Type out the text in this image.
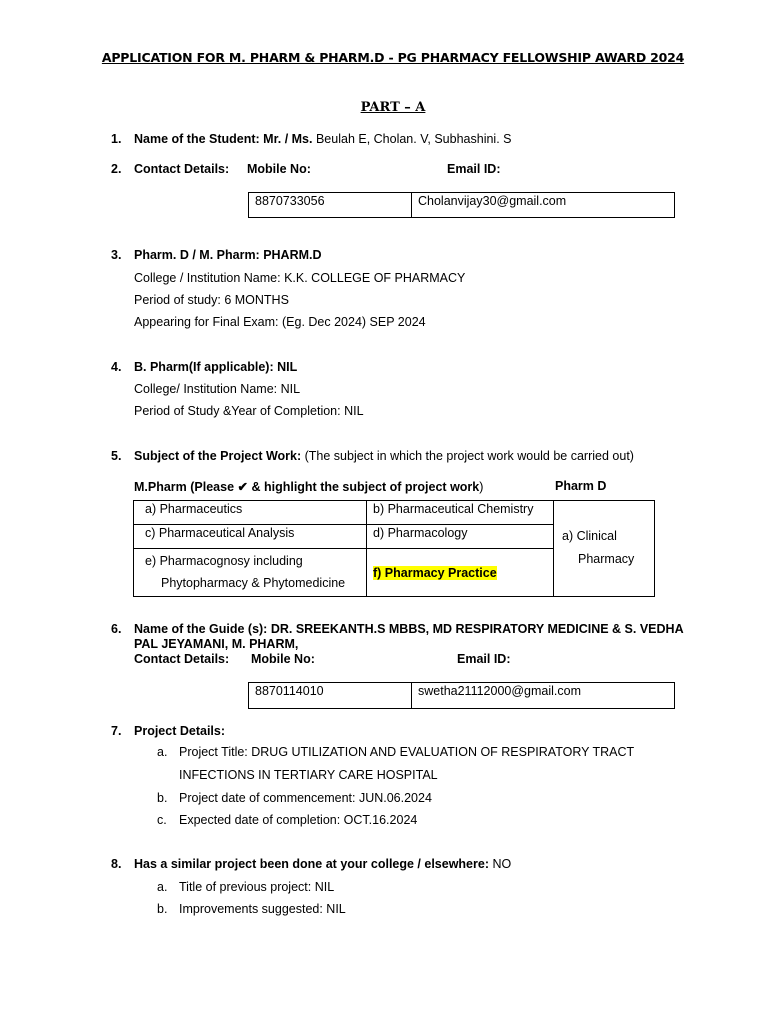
APPLICATION FOR M. PHARM & PHARM.D - PG PHARMACY FELLOWSHIP AWARD 2024
PART – A
1. Name of the Student: Mr. / Ms. Beulah E, Cholan. V, Subhashini. S
2. Contact Details: Mobile No:	Email ID:
8870733056	Cholanvijay30@gmail.com
3. Pharm. D / M. Pharm: PHARM.D
College / Institution Name: K.K. COLLEGE OF PHARMACY
Period of study: 6 MONTHS
Appearing for Final Exam: (Eg. Dec 2024) SEP 2024
4. B. Pharm(If applicable): NIL
College/ Institution Name: NIL
Period of Study &Year of Completion: NIL
5. Subject of the Project Work: (The subject in which the project work would be carried out)
M.Pharm (Please ✔ & highlight the subject of project work)	Pharm D
a) Pharmaceutics	b) Pharmaceutical Chemistry	a) Clinical
Pharmacy

c) Pharmaceutical Analysis	d) Pharmacology	

e) Pharmacognosy including
Phytopharmacy & Phytomedicine	f) Pharmacy Practice	
6. Name of the Guide (s): DR. SREEKANTH.S MBBS, MD RESPIRATORY MEDICINE & S. VEDHA
PAL JEYAMANI, M. PHARM,
Contact Details: Mobile No:	Email ID:
8870114010	swetha21112000@gmail.com
7. Project Details:
a. Project Title: DRUG UTILIZATION AND EVALUATION OF RESPIRATORY TRACT
INFECTIONS IN TERTIARY CARE HOSPITAL
b. Project date of commencement: JUN.06.2024
c. Expected date of completion: OCT.16.2024
8. Has a similar project been done at your college / elsewhere: NO
a. Title of previous project: NIL
b. Improvements suggested: NIL
